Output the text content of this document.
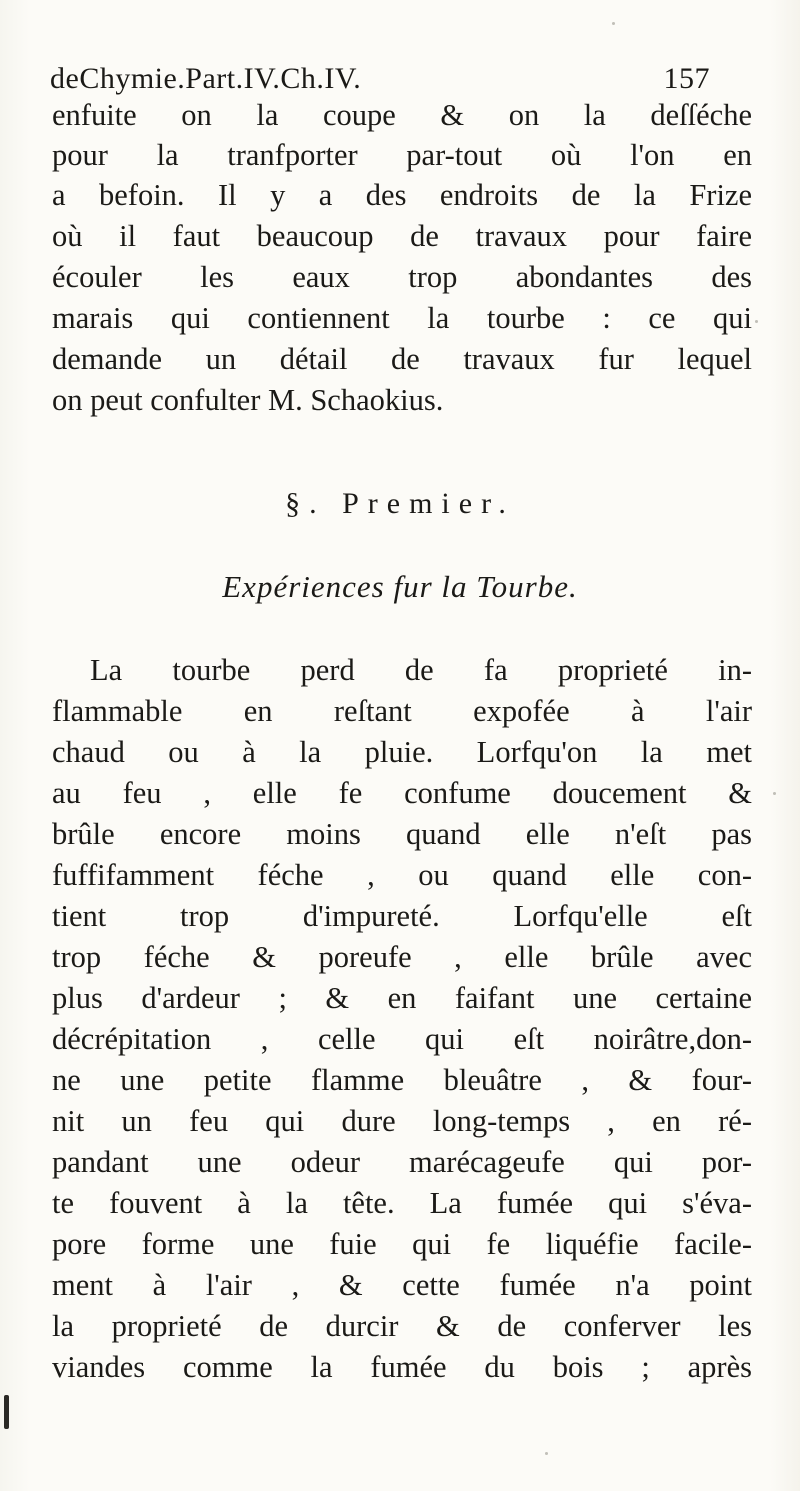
deChymie.Part.IV.Ch.IV.	157
enfuite on la coupe & on la deſſéche
pour la tranfporter par-tout où l'on en
a befoin. Il y a des endroits de la Frize
où il faut beaucoup de travaux pour faire
écouler les eaux trop abondantes des
marais qui contiennent la tourbe : ce qui
demande un détail de travaux fur lequel
on peut confulter M. Schaokius.
§. Premier.
Expériences fur la Tourbe.
La tourbe perd de fa proprieté in-
flammable en reſtant expofée à l'air
chaud ou à la pluie. Lorfqu'on la met
au feu , elle fe confume doucement &
brûle encore moins quand elle n'eſt pas
fuffifamment féche , ou quand elle con-
tient trop d'impureté. Lorfqu'elle eſt
trop féche & poreufe , elle brûle avec
plus d'ardeur ; & en faifant une certaine
décrépitation , celle qui eſt noirâtre,don-
ne une petite flamme bleuâtre , & four-
nit un feu qui dure long-temps , en ré-
pandant une odeur marécageufe qui por-
te fouvent à la tête. La fumée qui s'éva-
pore forme une fuie qui fe liquéfie facile-
ment à l'air , & cette fumée n'a point
la proprieté de durcir & de conferver les
viandes comme la fumée du bois ; après
